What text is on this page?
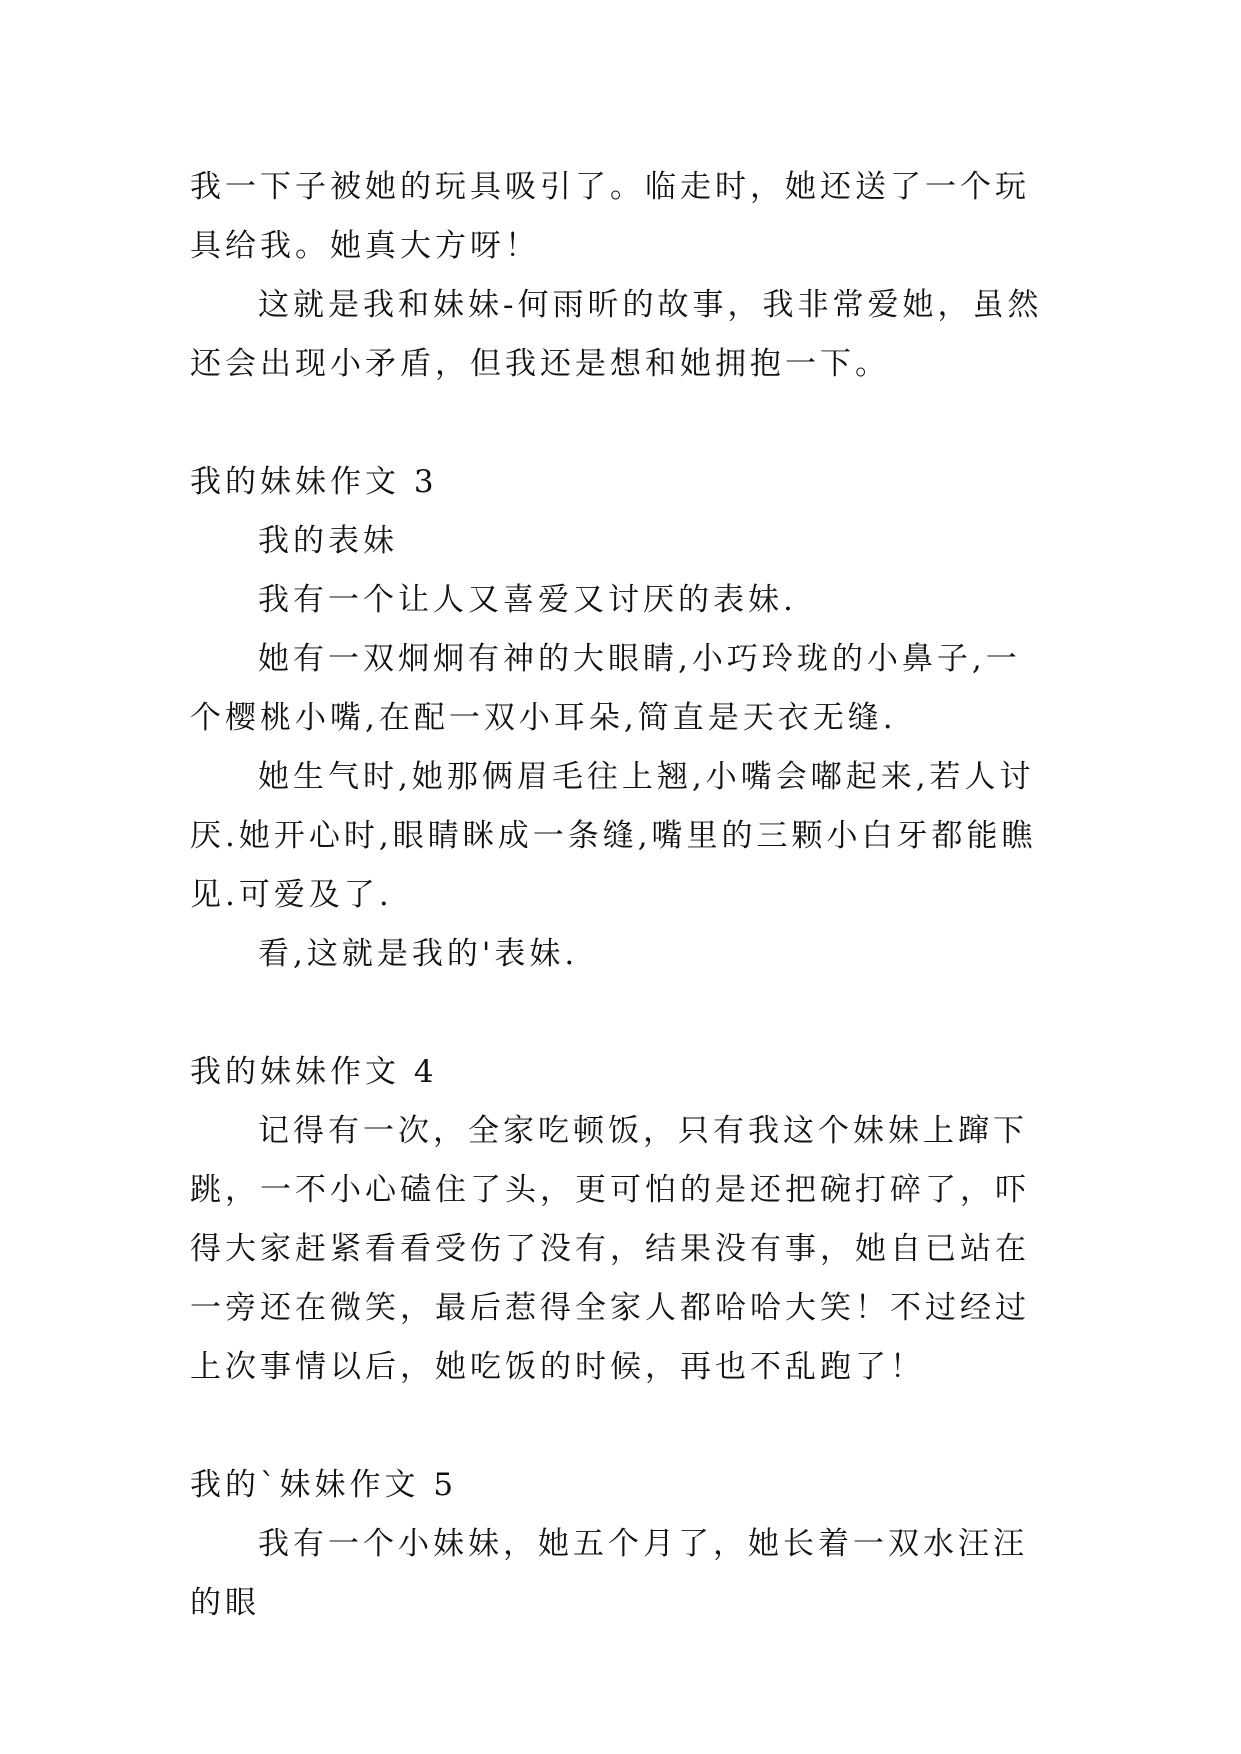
我一下子被她的玩具吸引了。临走时，她还送了一个玩具给我。她真大方呀！

这就是我和妹妹-何雨昕的故事，我非常爱她，虽然还会出现小矛盾，但我还是想和她拥抱一下。

我的妹妹作文 3

我的表妹

我有一个让人又喜爱又讨厌的表妹.

她有一双炯炯有神的大眼睛,小巧玲珑的小鼻子,一个樱桃小嘴,在配一双小耳朵,简直是天衣无缝.

她生气时,她那俩眉毛往上翘,小嘴会嘟起来,若人讨厌.她开心时,眼睛眯成一条缝,嘴里的三颗小白牙都能瞧见.可爱及了.

看,这就是我的'表妹.

我的妹妹作文 4

记得有一次，全家吃顿饭，只有我这个妹妹上蹿下跳，一不小心磕住了头，更可怕的是还把碗打碎了，吓得大家赶紧看看受伤了没有，结果没有事，她自已站在一旁还在微笑，最后惹得全家人都哈哈大笑！不过经过上次事情以后，她吃饭的时候，再也不乱跑了！

我的`妹妹作文 5

我有一个小妹妹，她五个月了，她长着一双水汪汪的眼
